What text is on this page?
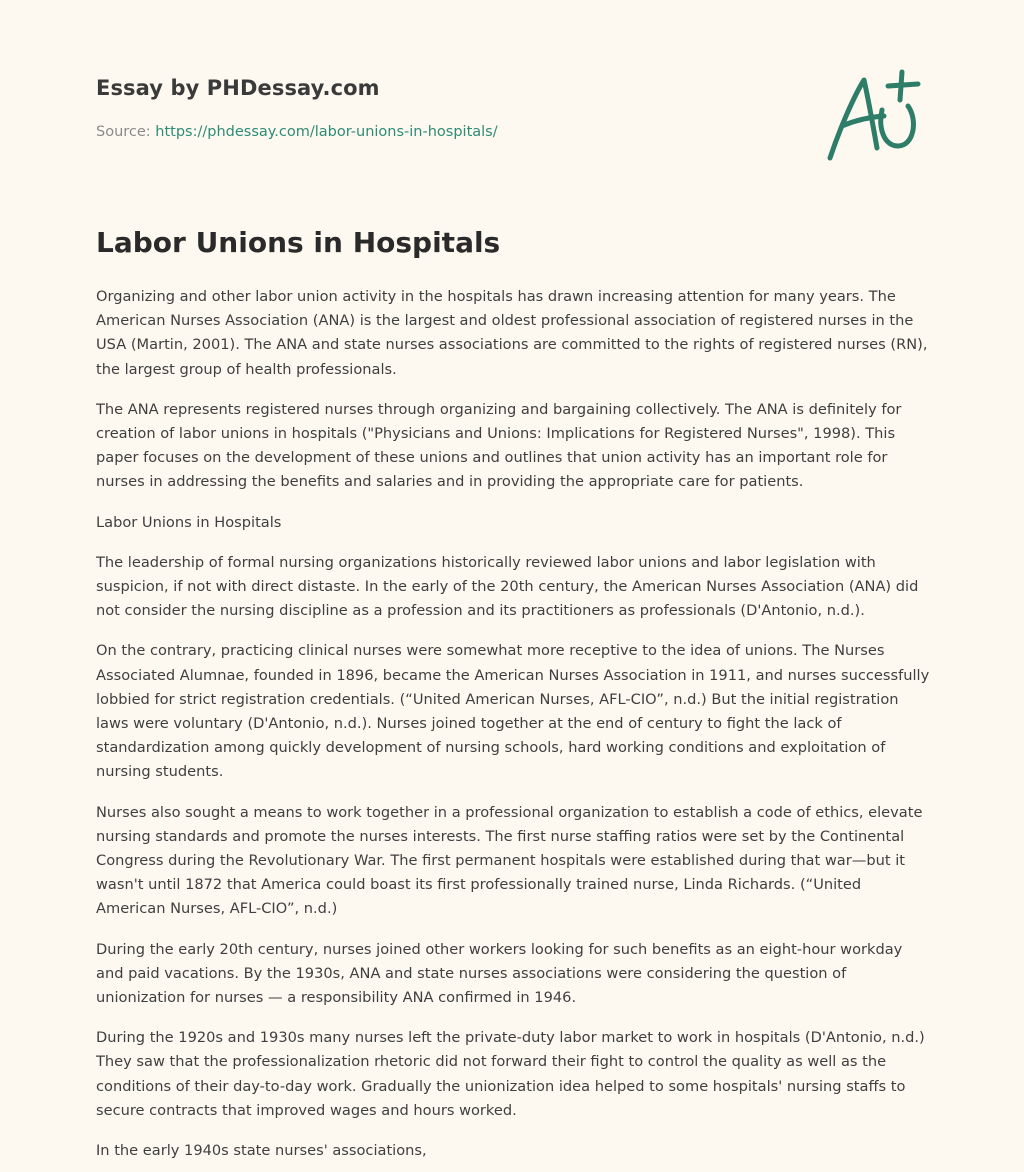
Essay by PHDessay.com
Source: https://phdessay.com/labor-unions-in-hospitals/
Labor Unions in Hospitals

Organizing and other labor union activity in the hospitals has drawn increasing attention for many years. The American Nurses Association (ANA) is the largest and oldest professional association of registered nurses in the USA (Martin, 2001). The ANA and state nurses associations are committed to the rights of registered nurses (RN), the largest group of health professionals.

The ANA represents registered nurses through organizing and bargaining collectively. The ANA is definitely for creation of labor unions in hospitals ("Physicians and Unions: Implications for Registered Nurses", 1998). This paper focuses on the development of these unions and outlines that union activity has an important role for nurses in addressing the benefits and salaries and in providing the appropriate care for patients.

Labor Unions in Hospitals

The leadership of formal nursing organizations historically reviewed labor unions and labor legislation with suspicion, if not with direct distaste. In the early of the 20th century, the American Nurses Association (ANA) did not consider the nursing discipline as a profession and its practitioners as professionals (D'Antonio, n.d.).

On the contrary, practicing clinical nurses were somewhat more receptive to the idea of unions. The Nurses Associated Alumnae, founded in 1896, became the American Nurses Association in 1911, and nurses successfully lobbied for strict registration credentials. (“United American Nurses, AFL-CIO”, n.d.) But the initial registration laws were voluntary (D'Antonio, n.d.). Nurses joined together at the end of century to fight the lack of standardization among quickly development of nursing schools, hard working conditions and exploitation of nursing students.

Nurses also sought a means to work together in a professional organization to establish a code of ethics, elevate nursing standards and promote the nurses interests. The first nurse staffing ratios were set by the Continental Congress during the Revolutionary War. The first permanent hospitals were established during that war—but it wasn't until 1872 that America could boast its first professionally trained nurse, Linda Richards. (“United American Nurses, AFL-CIO”, n.d.)

During the early 20th century, nurses joined other workers looking for such benefits as an eight-hour workday and paid vacations. By the 1930s, ANA and state nurses associations were considering the question of unionization for nurses — a responsibility ANA confirmed in 1946.

During the 1920s and 1930s many nurses left the private-duty labor market to work in hospitals (D'Antonio, n.d.) They saw that the professionalization rhetoric did not forward their fight to control the quality as well as the conditions of their day-to-day work. Gradually the unionization idea helped to some hospitals' nursing staffs to secure contracts that improved wages and hours worked.

In the early 1940s state nurses' associations,
